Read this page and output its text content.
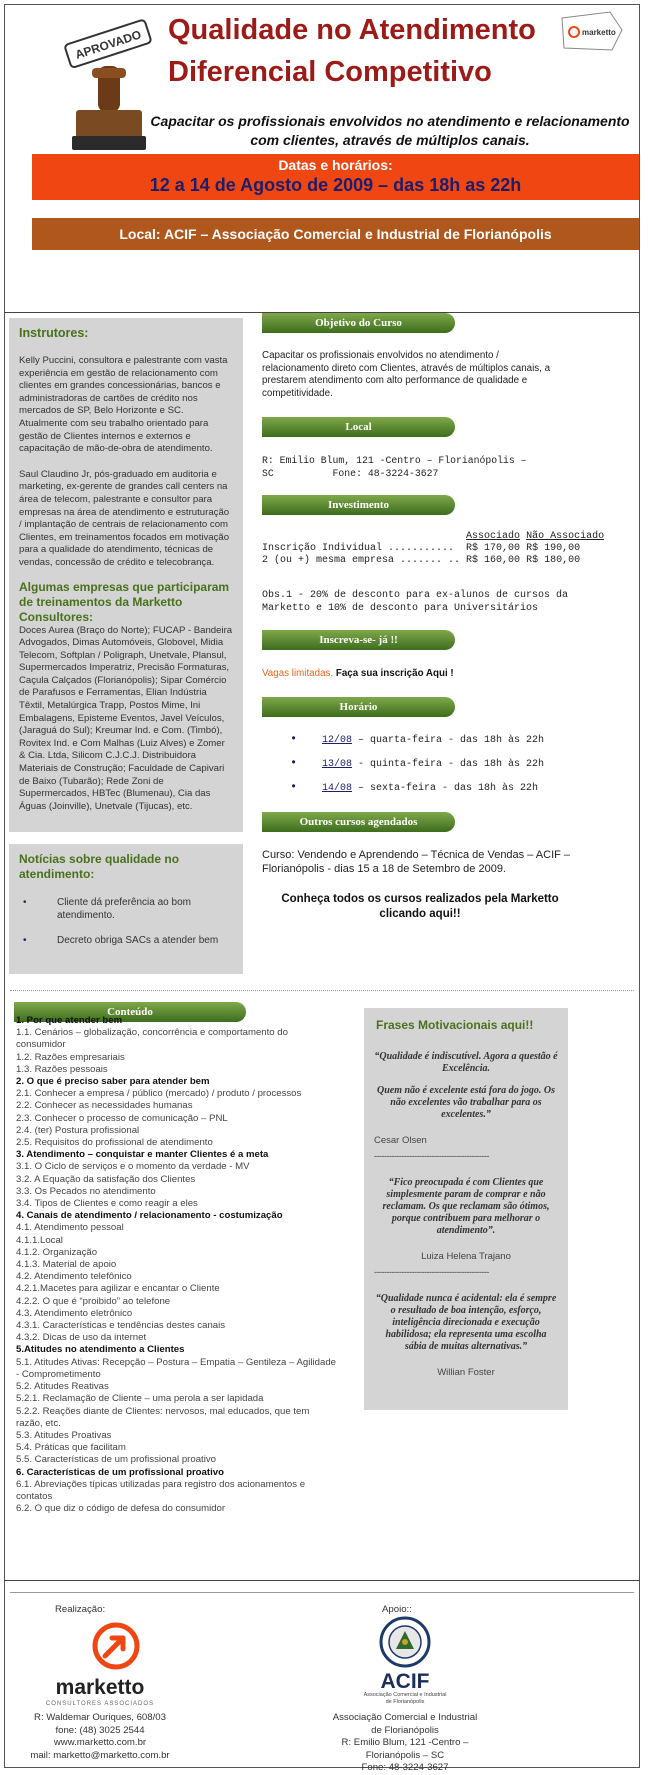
APROVADO Qualidade no Atendimento
Diferencial Competitivo
marketto
Capacitar os profissionais envolvidos no atendimento e relacionamento com clientes, através de múltiplos canais.
Datas e horários:
12 a 14 de Agosto de 2009 – das 18h as 22h
Local: ACIF – Associação Comercial e Industrial de Florianópolis
Instrutores:

Kelly Puccini, consultora e palestrante com vasta experiência em gestão de relacionamento com clientes em grandes concessionárias, bancos e administradoras de cartões de crédito nos mercados de SP, Belo Horizonte e SC. Atualmente com seu trabalho orientado para gestão de Clientes internos e externos e capacitação de mão-de-obra de atendimento.

Saul Claudino Jr, pós-graduado em auditoria e marketing, ex-gerente de grandes call centers na área de telecom, palestrante e consultor para empresas na área de atendimento e estruturação / implantação de centrais de relacionamento com Clientes, em treinamentos focados em motivação para a qualidade do atendimento, técnicas de vendas, concessão de crédito e telecobrança.

Algumas empresas que participaram de treinamentos da Marketto Consultores:

Doces Aurea (Braço do Norte); FUCAP - Bandeira Advogados, Dimas Automóveis, Globovel, Midia Telecom, Softplan / Poligraph, Unetvale, Plansul, Supermercados Imperatriz, Precisão Formaturas, Caçula Calçados (Florianópolis); Sipar Comércio de Parafusos e Ferramentas, Elian Indústria Têxtil, Metalúrgica Trapp, Postos Mime, Ini Embalagens, Episteme Eventos, Javel Veículos, (Jaraguá do Sul); Kreumar Ind. e Com. (Timbó), Rovitex Ind. e Com Malhas (Luiz Alves) e Zomer & Cia. Ltda, Silicom C.J.C.J. Distribuidora Materiais de Construção; Faculdade de Capivari de Baixo (Tubarão); Rede Zoni de Supermercados, HBTec (Blumenau), Cia das Águas (Joinville), Unetvale (Tijucas), etc.

Notícias sobre qualidade no atendimento:
•	Cliente dá preferência ao bom atendimento.
•	Decreto obriga SACs a atender bem
Objetivo do Curso
Capacitar os profissionais envolvidos no atendimento / relacionamento direto com Clientes, através de múltiplos canais, a prestarem atendimento com alto performance de qualidade e competitividade.
Local
R: Emilio Blum, 121 -Centro – Florianópolis –
SC          Fone: 48-3224-3627
Investimento
	Associado	Não Associado
Inscrição Individual ...........	R$ 170,00	R$ 190,00
2 (ou +) mesma empresa ....... ..	R$ 160,00	R$ 180,00
Obs.1 - 20% de desconto para ex-alunos de cursos da Marketto e 10% de desconto para Universitários
Inscreva-se- já !!
Vagas limitadas. Faça sua inscrição Aqui !
Horário
• 12/08 – quarta-feira - das 18h às 22h
• 13/08 - quinta-feira - das 18h às 22h
• 14/08 – sexta-feira - das 18h às 22h
Outros cursos agendados
Curso: Vendendo e Aprendendo – Técnica de Vendas – ACIF – Florianópolis - dias 15 a 18 de Setembro de 2009.
Conheça todos os cursos realizados pela Marketto clicando aqui!!
Conteúdo
1. Por que atender bem
1.1. Cenários – globalização, concorrência e comportamento do consumidor
1.2. Razões empresariais
1.3. Razões pessoais
2. O que é preciso saber para atender bem
2.1. Conhecer a empresa / público (mercado) / produto / processos
2.2. Conhecer as necessidades humanas
2.3. Conhecer o processo de comunicação – PNL
2.4. (ter) Postura profissional
2.5. Requisitos do profissional de atendimento
3. Atendimento – conquistar e manter Clientes é a meta
3.1. O Ciclo de serviços e o momento da verdade - MV
3.2. A Equação da satisfação dos Clientes
3.3. Os Pecados no atendimento
3.4. Tipos de Clientes e como reagir a eles
4. Canais de atendimento / relacionamento - costumização
4.1. Atendimento pessoal
4.1.1.Local
4.1.2. Organização
4.1.3. Material de apoio
4.2. Atendimento telefônico
4.2.1.Macetes para agilizar e encantar o Cliente
4.2.2. O que é “proibido” ao telefone
4.3. Atendimento eletrônico
4.3.1. Características e tendências destes canais
4.3.2. Dicas de uso da internet
5.Atitudes no atendimento a Clientes
5.1. Atitudes Ativas: Recepção – Postura – Empatia – Gentileza – Agilidade - Comprometimento
5.2. Atitudes Reativas
5.2.1. Reclamação de Cliente – uma perola a ser lapidada
5.2.2. Reações diante de Clientes: nervosos, mal educados, que tem razão, etc.
5.3. Atitudes Proativas
5.4. Práticas que facilitam
5.5. Características de um profissional proativo
6. Características de um profissional proativo
6.1. Abreviações típicas utilizadas para registro dos acionamentos e contatos
6.2. O que diz o código de defesa do consumidor
Frases Motivacionais aqui!!
“Qualidade é indiscutível. Agora a questão é Excelência.
Quem não é excelente está fora do jogo. Os não excelentes vão trabalhar para os excelentes.”
Cesar Olsen
----------------------------------------------
“Fico preocupada é com Clientes que simplesmente param de comprar e não reclamam. Os que reclamam são ótimos, porque contribuem para melhorar o atendimento”.
Luiza Helena Trajano
----------------------------------------------
“Qualidade nunca é acidental: ela é sempre o resultado de boa intenção, esforço, inteligência direcionada e execução habilidosa; ela representa uma escolha sábia de muitas alternativas.”
Willian Foster
Realização:	Apoio::
marketto
CONSULTORES ASSOCIADOS
R: Waldemar Ouriques, 608/03
fone: (48) 3025 2544
www.marketto.com.br
mail: marketto@marketto.com.br
ACIF
Associação Comercial e Industrial de Florianópolis
Associação Comercial e Industrial
de Florianópolis
R: Emilio Blum, 121 -Centro –
Florianópolis – SC
Fone: 48-3224-3627
